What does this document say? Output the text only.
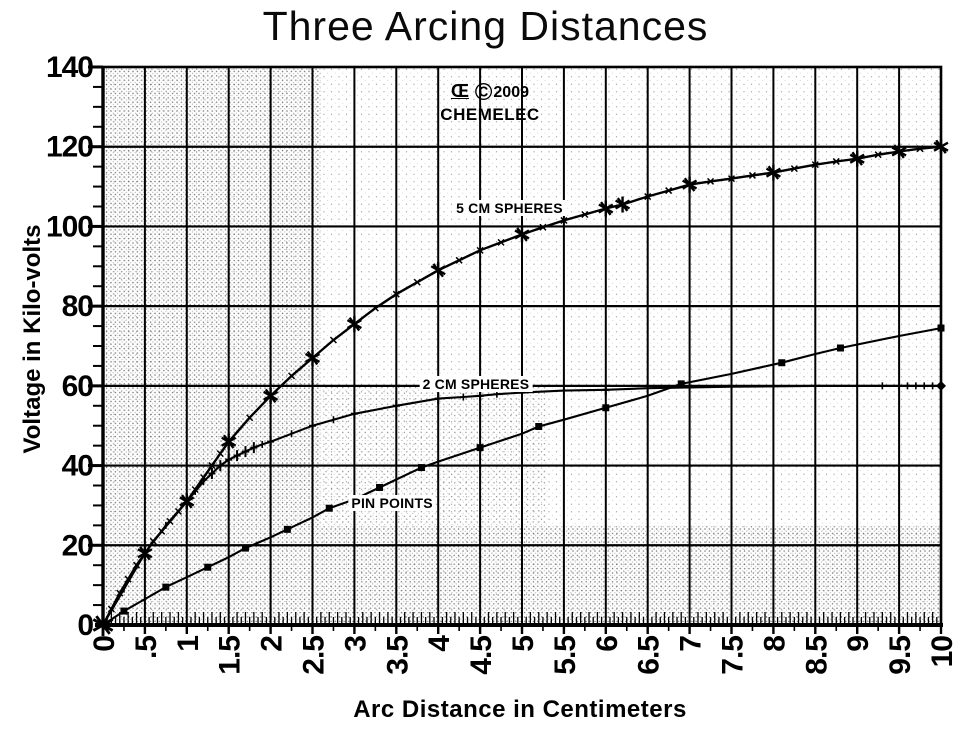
Three Arcing Distances
Voltage in Kilo-volts
Arc Distance in Centimeters
0
20
40
60
80
100
120
140
0 .5 1 1.5 2 2.5 3 3.5 4 4.5 5 5.5 6 6.5 7 7.5 8 8.5 9 9.5 10
5 CM SPHERES
2 CM SPHERES
PIN POINTS
